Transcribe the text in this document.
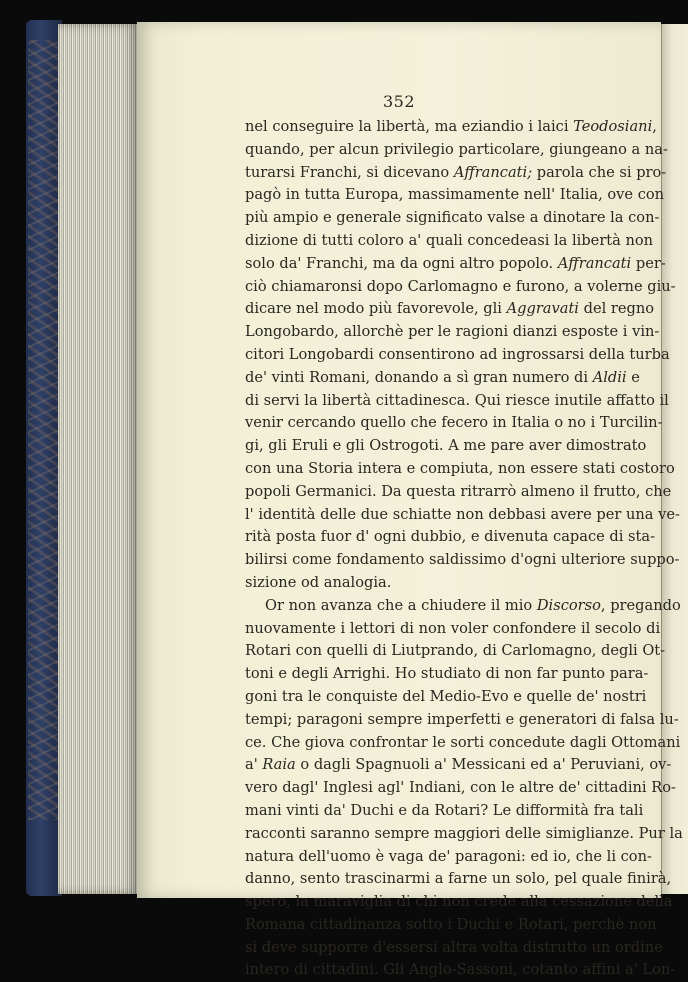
352
nel conseguire la libertà, ma eziandio i laici Teodosiani,
quando, per alcun privilegio particolare, giungeano a na-
turarsi Franchi, si dicevano Affrancati; parola che si pro-
pagò in tutta Europa, massimamente nell' Italia, ove con
più ampio e generale significato valse a dinotare la con-
dizione di tutti coloro a' quali concedeasi la libertà non
solo da' Franchi, ma da ogni altro popolo. Affrancati per-
ciò chiamaronsi dopo Carlomagno e furono, a volerne giu-
dicare nel modo più favorevole, gli Aggravati del regno
Longobardo, allorchè per le ragioni dianzi esposte i vin-
citori Longobardi consentirono ad ingrossarsi della turba
de' vinti Romani, donando a sì gran numero di Aldii e
di servi la libertà cittadinesca. Qui riesce inutile affatto il
venir cercando quello che fecero in Italia o no i Turcilin-
gi, gli Eruli e gli Ostrogoti. A me pare aver dimostrato
con una Storia intera e compiuta, non essere stati costoro
popoli Germanici. Da questa ritrarrò almeno il frutto, che
l' identità delle due schiatte non debbasi avere per una ve-
rità posta fuor d' ogni dubbio, e divenuta capace di sta-
bilirsi come fondamento saldissimo d'ogni ulteriore suppo-
sizione od analogia.
Or non avanza che a chiudere il mio Discorso, pregando
nuovamente i lettori di non voler confondere il secolo di
Rotari con quelli di Liutprando, di Carlomagno, degli Ot-
toni e degli Arrighi. Ho studiato di non far punto para-
goni tra le conquiste del Medio-Evo e quelle de' nostri
tempi; paragoni sempre imperfetti e generatori di falsa lu-
ce. Che giova confrontar le sorti concedute dagli Ottomani
a' Raia o dagli Spagnuoli a' Messicani ed a' Peruviani, ov-
vero dagl' Inglesi agl' Indiani, con le altre de' cittadini Ro-
mani vinti da' Duchi e da Rotari? Le difformità fra tali
racconti saranno sempre maggiori delle simiglianze. Pur la
natura dell'uomo è vaga de' paragoni: ed io, che li con-
danno, sento trascinarmi a farne un solo, pel quale finirà,
spero, la maraviglia di chi non crede alla cessazione della
Romana cittadinanza sotto i Duchi e Rotari, perchè non
si deve supporre d'essersi altra volta distrutto un ordine
intero di cittadini. Gli Anglo-Sassoni, cotanto affini a' Lon-
